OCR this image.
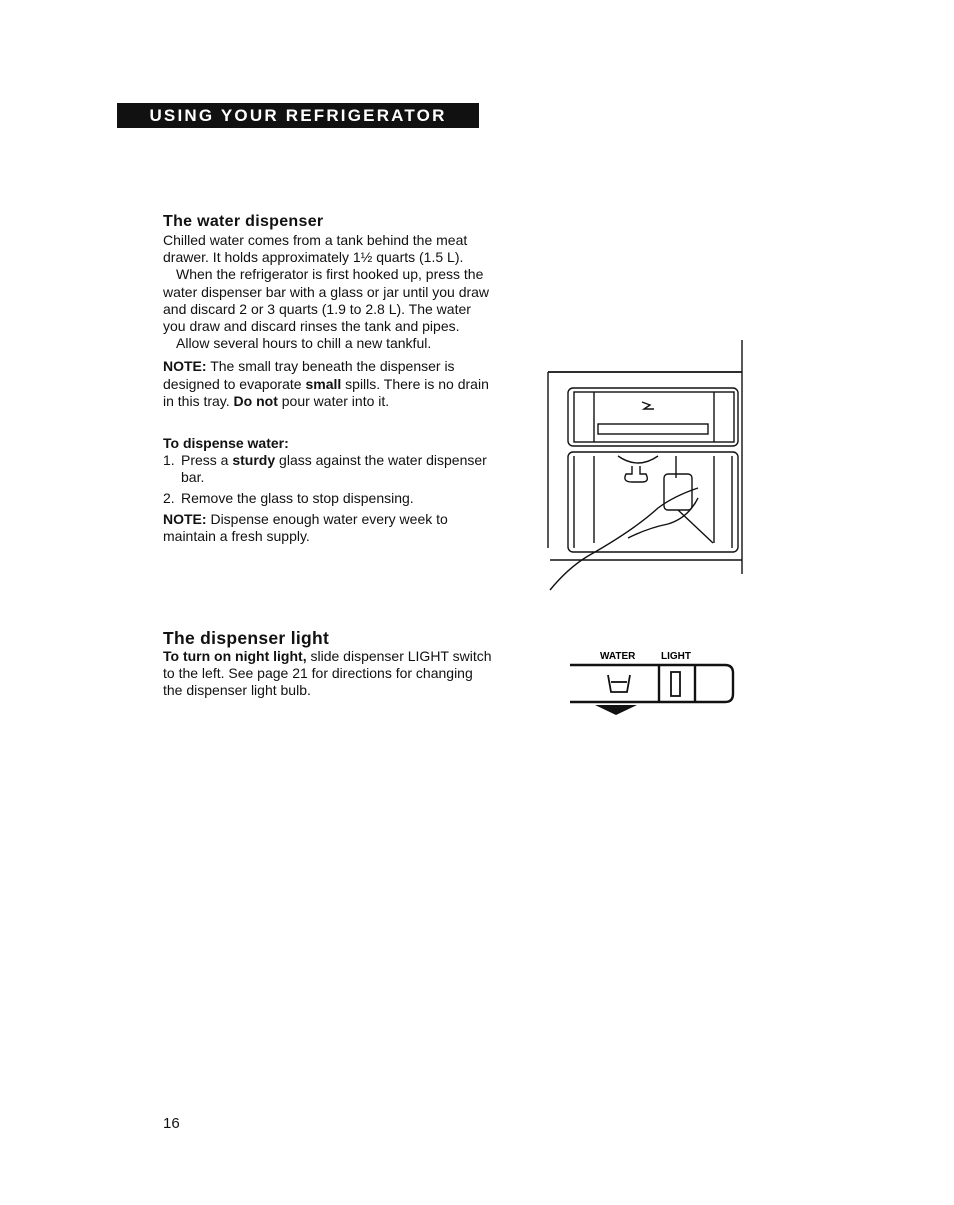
USING YOUR REFRIGERATOR
The water dispenser

Chilled water comes from a tank behind the meat drawer. It holds approximately 1½ quarts (1.5 L).

When the refrigerator is first hooked up, press the water dispenser bar with a glass or jar until you draw and discard 2 or 3 quarts (1.9 to 2.8 L). The water you draw and discard rinses the tank and pipes.

Allow several hours to chill a new tankful.

NOTE: The small tray beneath the dispenser is designed to evaporate small spills. There is no drain in this tray. Do not pour water into it.

To dispense water:
1. Press a sturdy glass against the water dispenser bar.
2. Remove the glass to stop dispensing.

NOTE: Dispense enough water every week to maintain a fresh supply.

The dispenser light

To turn on night light, slide dispenser LIGHT switch to the left. See page 21 for directions for changing the dispenser light bulb.

WATER	LIGHT
16
